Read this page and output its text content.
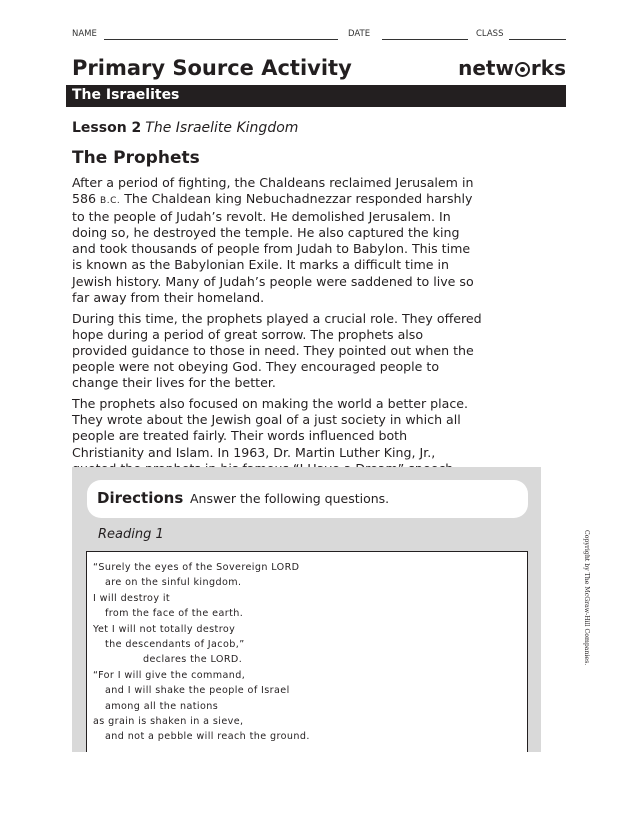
NAME	DATE	CLASS
Primary Source Activity	netw rks
The Israelites
Lesson 2 The Israelite Kingdom
The Prophets

After a period of fighting, the Chaldeans reclaimed Jerusalem in 586 B.C. The Chaldean king Nebuchadnezzar responded harshly to the people of Judah’s revolt. He demolished Jerusalem. In doing so, he destroyed the temple. He also captured the king and took thousands of people from Judah to Babylon. This time is known as the Babylonian Exile. It marks a difficult time in Jewish history. Many of Judah’s people were saddened to live so far away from their homeland.

During this time, the prophets played a crucial role. They offered hope during a period of great sorrow. The prophets also provided guidance to those in need. They pointed out when the people were not obeying God. They encouraged people to change their lives for the better.

The prophets also focused on making the world a better place. They wrote about the Jewish goal of a just society in which all people are treated fairly. Their words influenced both Christianity and Islam. In 1963, Dr. Martin Luther King, Jr.,

Directions Answer the following questions.
Reading 1
“Surely the eyes of the Sovereign LORD
are on the sinful kingdom.
I will destroy it
from the face of the earth.
Yet I will not totally destroy
the descendants of Jacob,”
declares the LORD.
“For I will give the command,
and I will shake the people of Israel
among all the nations
as grain is shaken in a sieve,
and not a pebble will reach the ground.
Copyright by The McGraw-Hill Companies.
